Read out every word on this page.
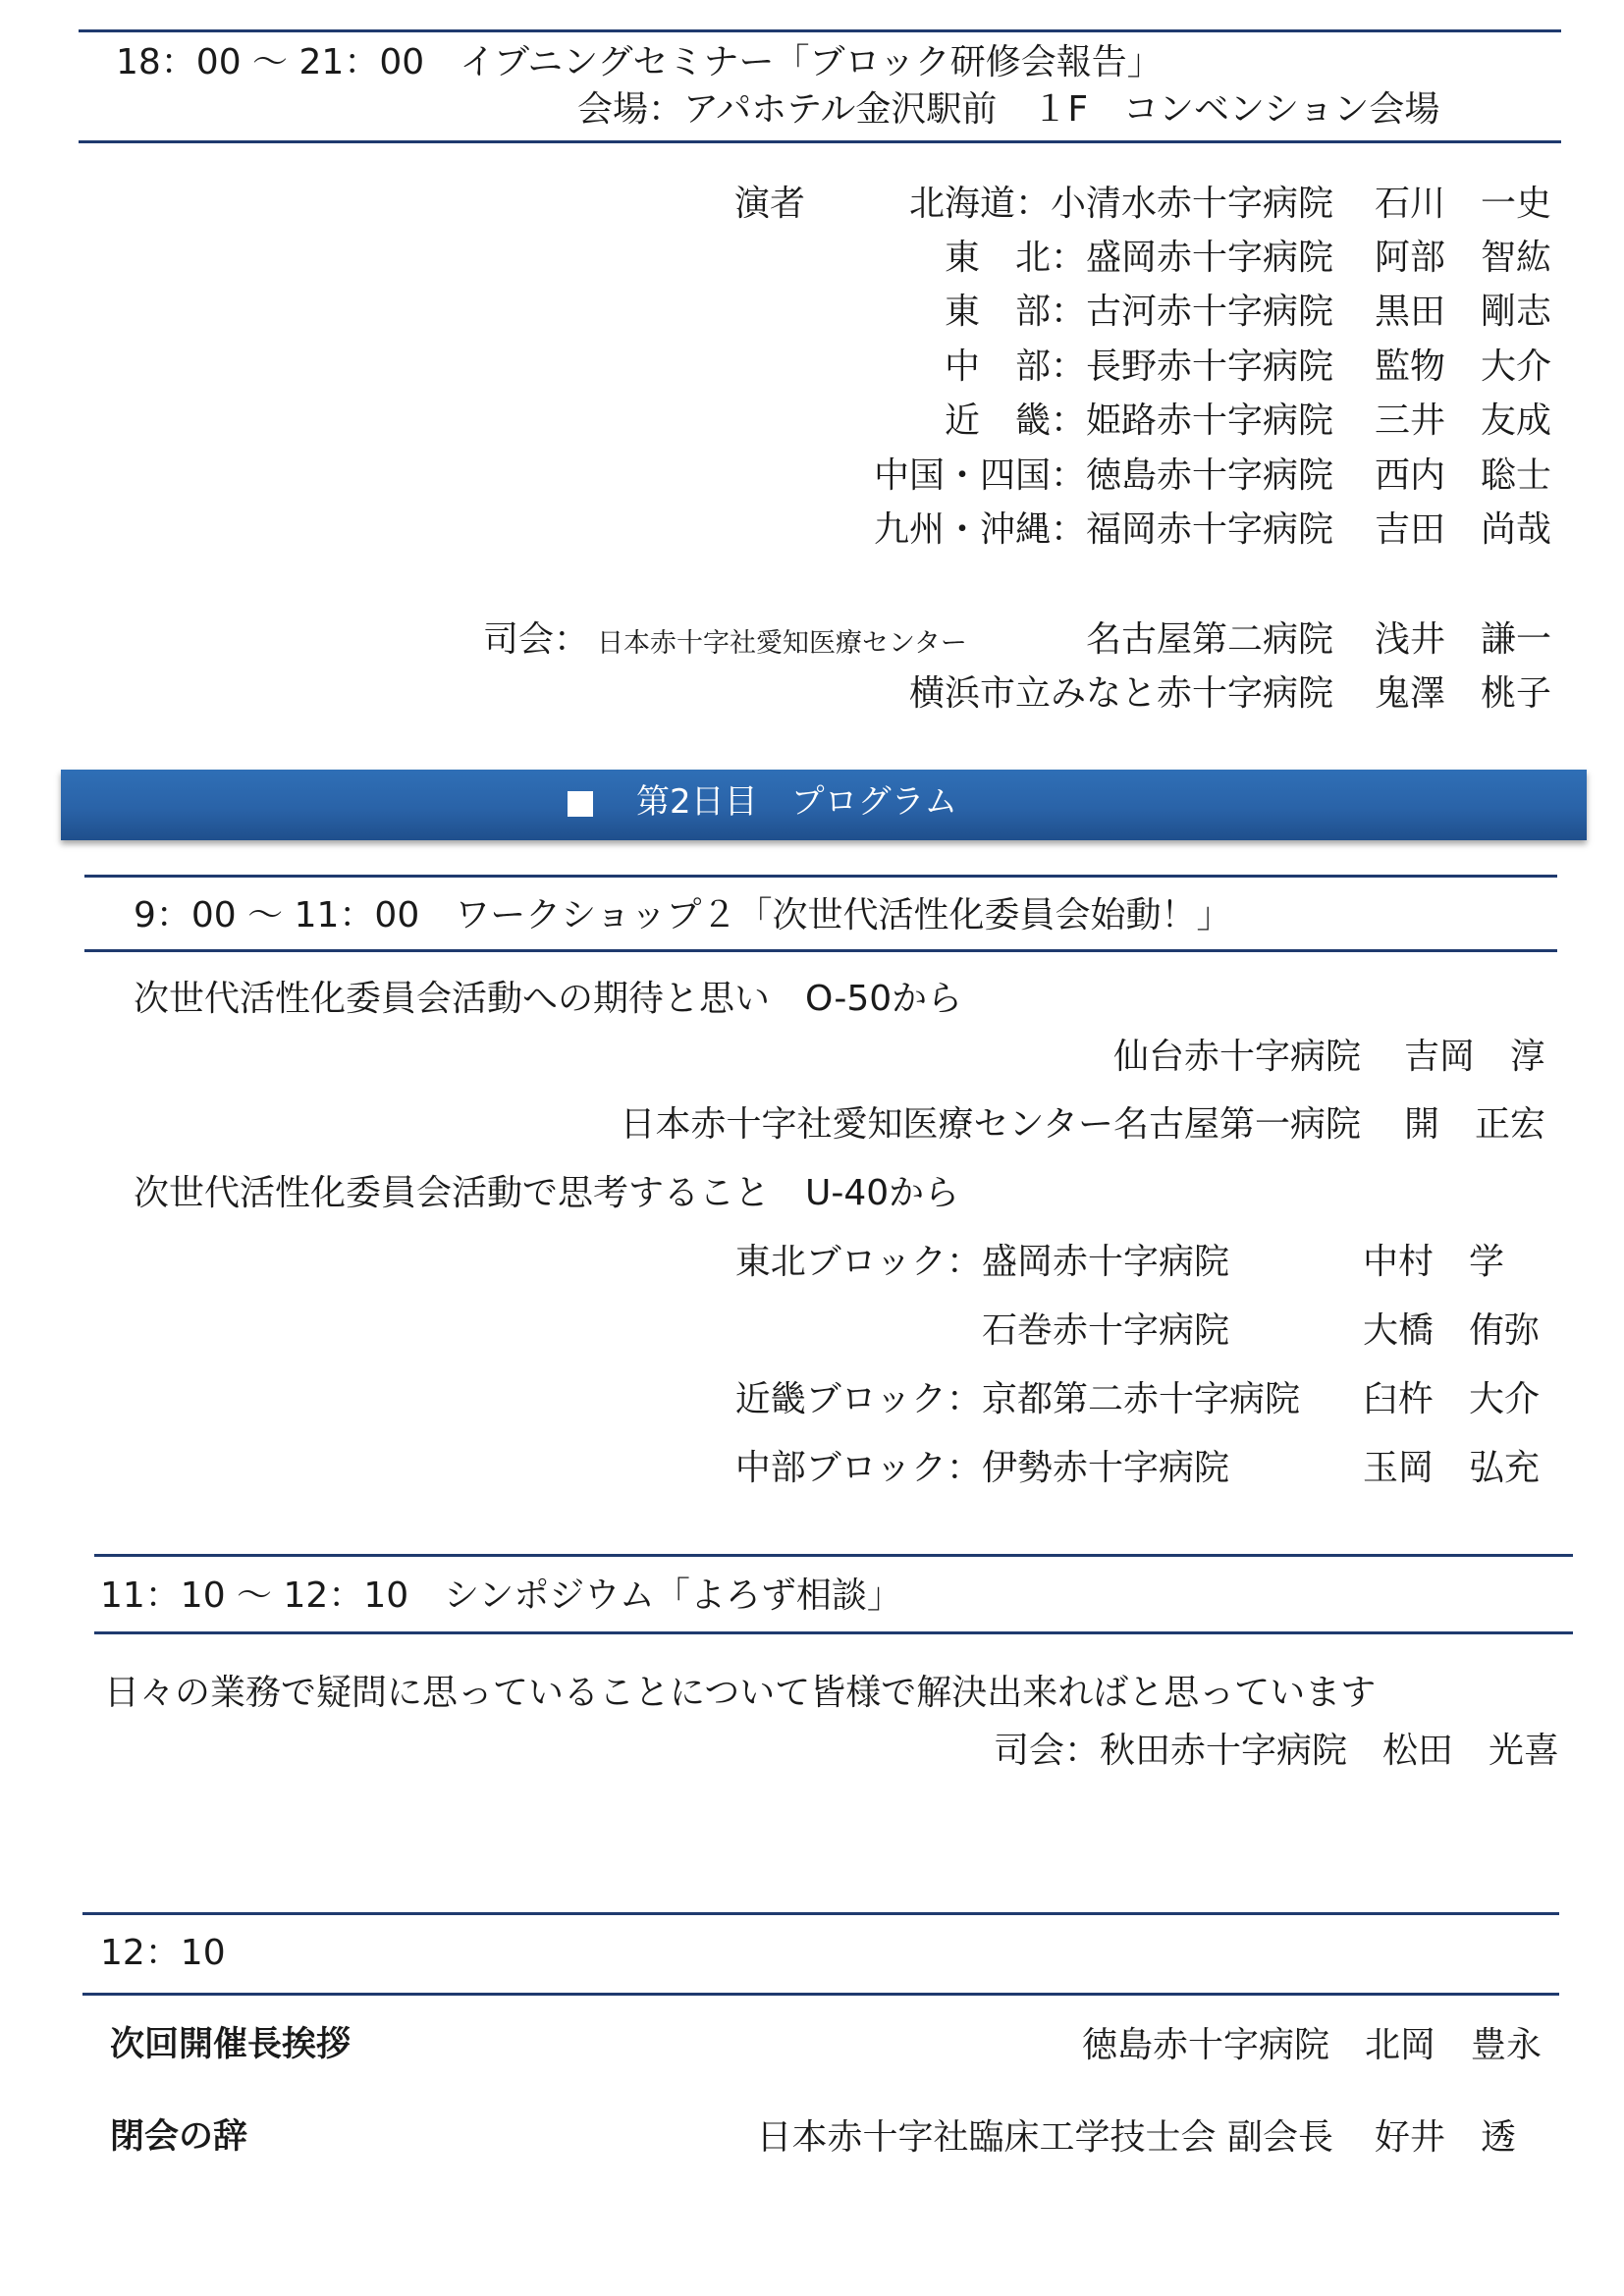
18：00 ～ 21：00　イブニングセミナー「ブロック研修会報告」
会場：アパホテル金沢駅前　１F　コンベンション会場
演者	北海道：小清水赤十字病院 石川　一史
東　北：盛岡赤十字病院 阿部　智紘
東　部：古河赤十字病院 黒田　剛志
中　部：長野赤十字病院 監物　大介
近　畿：姫路赤十字病院 三井　友成
中国・四国：徳島赤十字病院 西内　聡士
九州・沖縄：福岡赤十字病院 吉田　尚哉
司会： 日本赤十字社愛知医療センター	名古屋第二病院 浅井　謙一
横浜市立みなと赤十字病院 鬼澤　桃子
第2日目　プログラム
9：00 ～ 11：00　ワークショップ２「次世代活性化委員会始動！」
次世代活性化委員会活動への期待と思い　O-50から
仙台赤十字病院 吉岡　淳
日本赤十字社愛知医療センター名古屋第一病院 開　正宏
次世代活性化委員会活動で思考すること　U-40から
東北ブロック： 盛岡赤十字病院	中村　学
石巻赤十字病院	大橋　侑弥
近畿ブロック： 京都第二赤十字病院 臼杵　大介
中部ブロック： 伊勢赤十字病院	玉岡　弘充
11：10 ～ 12：10　シンポジウム「よろず相談」
日々の業務で疑問に思っていることについて皆様で解決出来ればと思っています
司会：秋田赤十字病院　松田　光喜
12：10
次回開催長挨拶	徳島赤十字病院 北岡　豊永
閉会の辞	日本赤十字社臨床工学技士会 副会長 好井　透
